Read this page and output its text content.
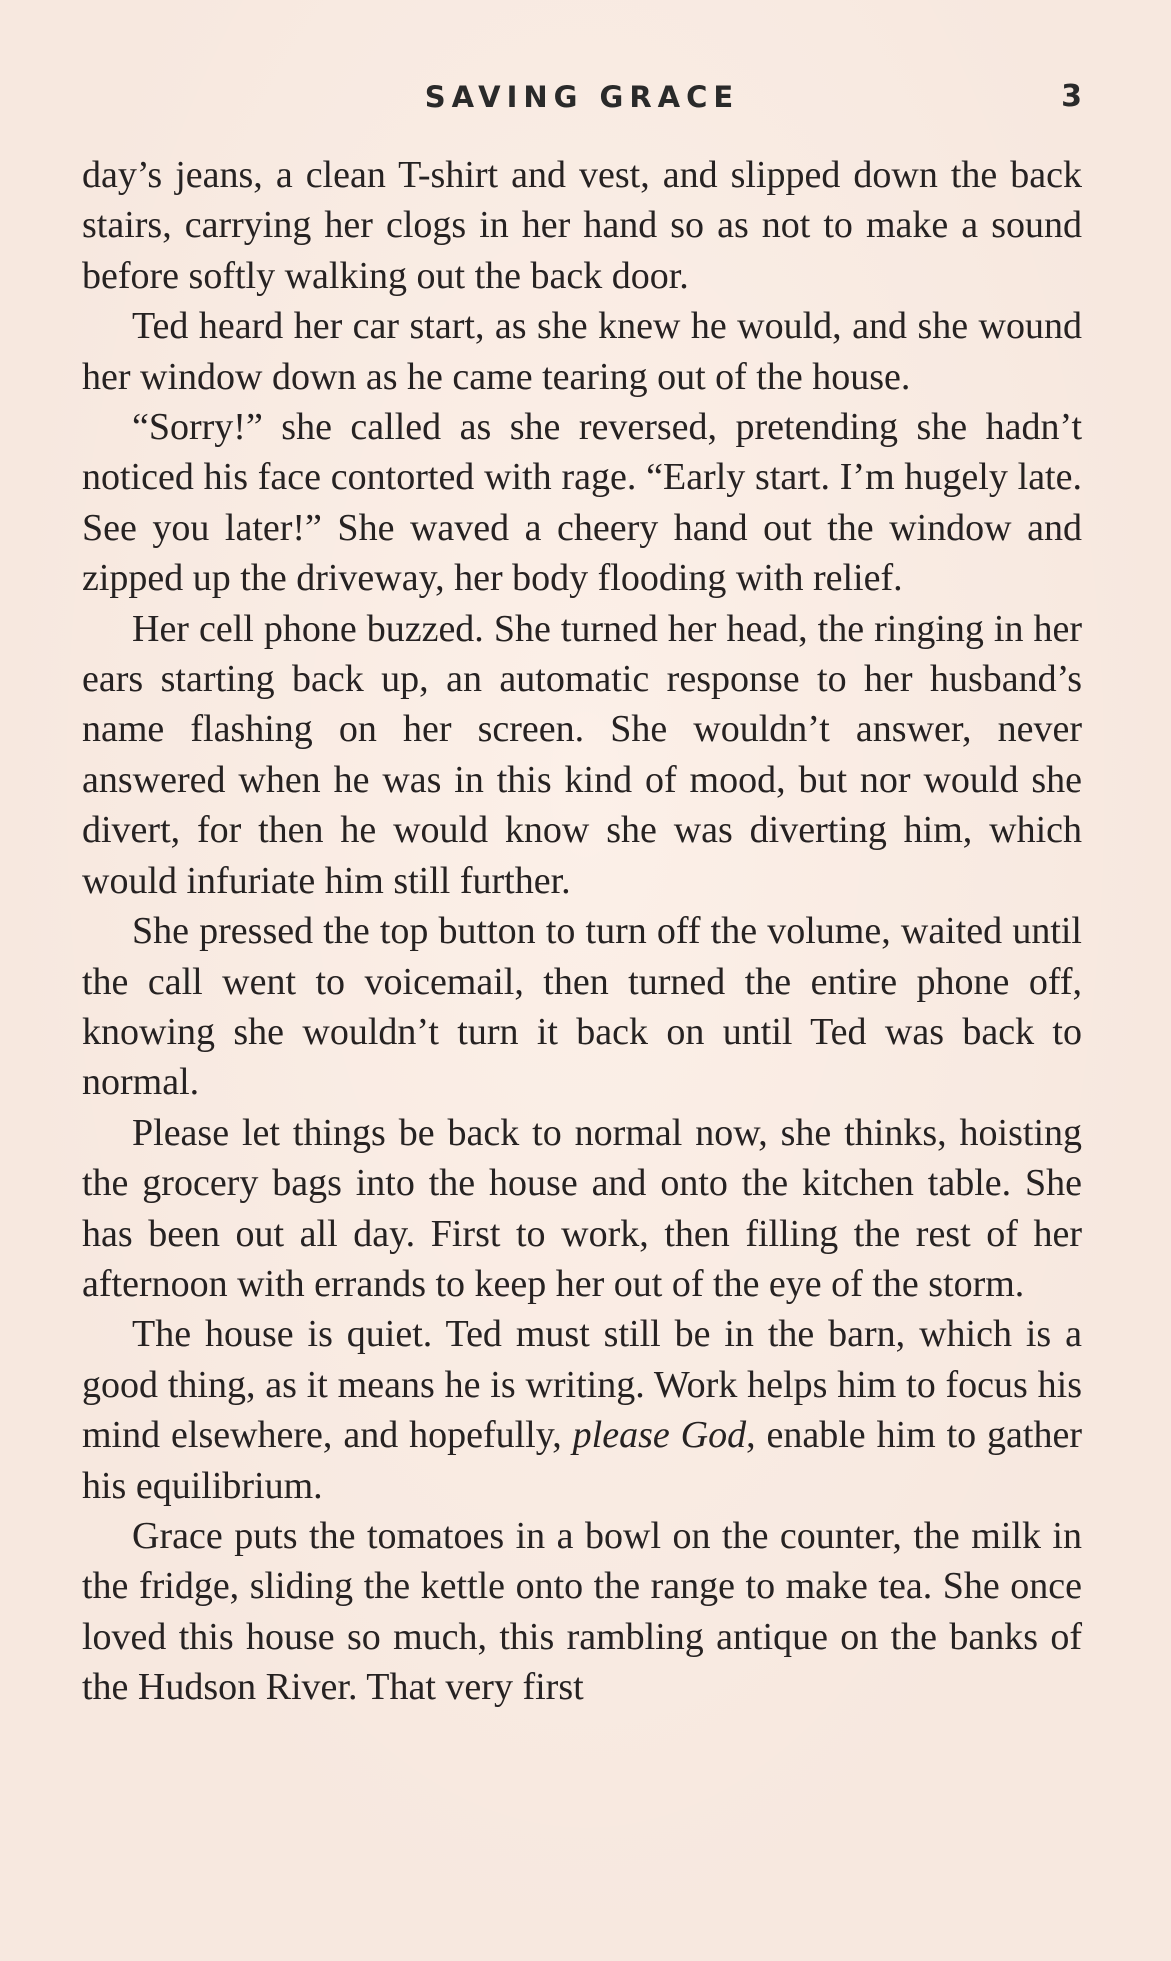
SAVING GRACE	3

day’s jeans, a clean T-shirt and vest, and slipped down the back stairs, carrying her clogs in her hand so as not to make a sound before softly walking out the back door.

Ted heard her car start, as she knew he would, and she wound her window down as he came tearing out of the house.

“Sorry!” she called as she reversed, pretending she hadn’t noticed his face contorted with rage. “Early start. I’m hugely late. See you later!” She waved a cheery hand out the window and zipped up the driveway, her body flooding with relief.

Her cell phone buzzed. She turned her head, the ringing in her ears starting back up, an automatic response to her husband’s name flashing on her screen. She wouldn’t answer, never answered when he was in this kind of mood, but nor would she divert, for then he would know she was diverting him, which would infuriate him still further.

She pressed the top button to turn off the volume, waited until the call went to voicemail, then turned the entire phone off, knowing she wouldn’t turn it back on until Ted was back to normal.

Please let things be back to normal now, she thinks, hoisting the grocery bags into the house and onto the kitchen table. She has been out all day. First to work, then filling the rest of her afternoon with errands to keep her out of the eye of the storm.

The house is quiet. Ted must still be in the barn, which is a good thing, as it means he is writing. Work helps him to focus his mind elsewhere, and hopefully, please God, enable him to gather his equilibrium.

Grace puts the tomatoes in a bowl on the counter, the milk in the fridge, sliding the kettle onto the range to make tea. She once loved this house so much, this rambling antique on the banks of the Hudson River. That very first
